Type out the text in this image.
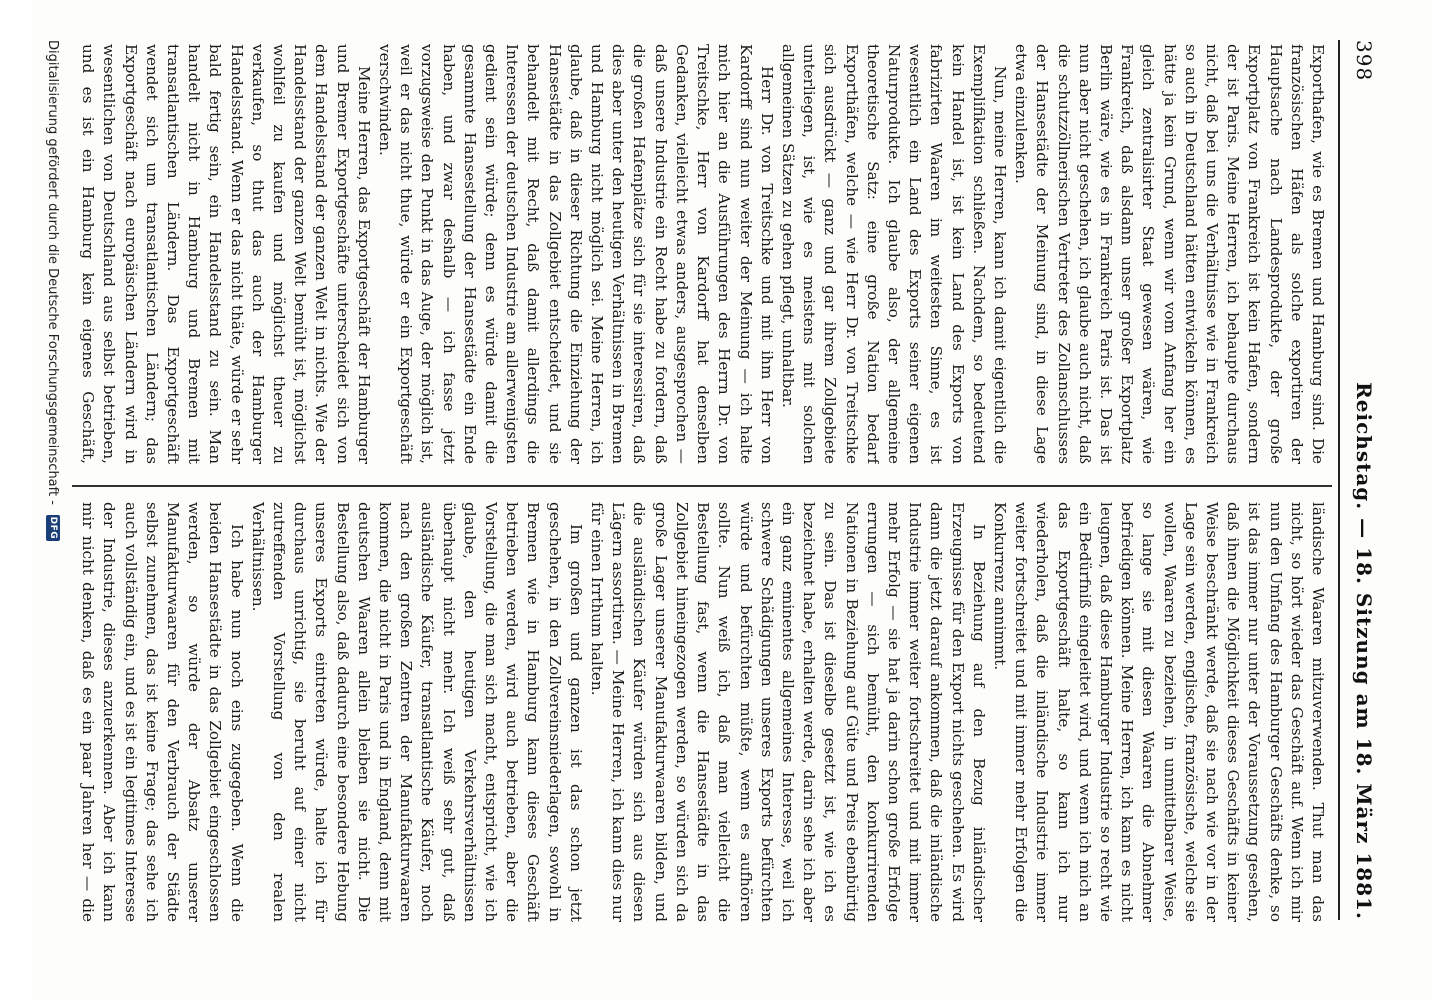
398
Reichstag. — 18. Sitzung am 18. März 1881.

Exporthafen, wie es Bremen und Hamburg sind. Die französischen Häfen als solche exportiren der Hauptsache nach Landesprodukte, der große Exportplatz von Frankreich ist kein Hafen, sondern der ist Paris. Meine Herren, ich behaupte durchaus nicht, daß bei uns die Verhältnisse wie in Frankreich so auch in Deutschland hätten entwickeln können, es hätte ja kein Grund, wenn wir vom Anfang her ein gleich zentralisirter Staat gewesen wären, wie Frankreich, daß alsdann unser großer Exportplatz Berlin wäre, wie es in Frankreich Paris ist. Das ist nun aber nicht geschehen, ich glaube auch nicht, daß die schutzzöllnerischen Vertreter des Zollanschlusses der Hansestädte der Meinung sind, in diese Lage etwa einzulenken.

Nun, meine Herren, kann ich damit eigentlich die Exemplifikation schließen. Nachdem, so bedeutend kein Handel ist, ist kein Land des Exports von fabrizirten Waaren im weitesten Sinne, es ist wesentlich ein Land des Exports seiner eigenen Naturprodukte. Ich glaube also, der allgemeine theoretische Satz: eine große Nation bedarf Exporthäfen, welche — wie Herr Dr. von Treitschke sich ausdrückt — ganz und gar ihrem Zollgebiete unterliegen, ist, wie es meistens mit solchen allgemeinen Sätzen zu gehen pflegt, unhaltbar.

Herr Dr. von Treitschke und mit ihm Herr von Kardorff sind nun weiter der Meinung — ich halte mich hier an die Ausführungen des Herrn Dr. von Treitschke, Herr von Kardorff hat denselben Gedanken, vielleicht etwas anders, ausgesprochen — daß unsere Industrie ein Recht habe zu fordern, daß die großen Hafenplätze sich für sie interessiren, daß dies aber unter den heutigen Verhältnissen in Bremen und Hamburg nicht möglich sei. Meine Herren, ich glaube, daß in dieser Richtung die Einziehung der Hansestädte in das Zollgebiet entscheidet, und sie behandelt mit Recht, daß damit allerdings die Interessen der deutschen Industrie am allerwenigsten gedient sein würde; denn es würde damit die gesammte Hansestellung der Hansestädte ein Ende haben, und zwar deshalb — ich fasse jetzt vorzugsweise den Punkt in das Auge, der möglich ist, weil er das nicht thue, würde er ein Exportgeschäft verschwinden.

Meine Herren, das Exportgeschäft der Hamburger und Bremer Exportgeschäfte unterscheidet sich von dem Handelsstand der ganzen Welt in nichts. Wie der Handelsstand der ganzen Welt bemüht ist, möglichst wohlfeil zu kaufen und möglichst theuer zu verkaufen, so thut das auch der Hamburger Handelsstand. Wenn er das nicht thäte, würde er sehr bald fertig sein, ein Handelsstand zu sein. Man handelt nicht in Hamburg und Bremen mit transatlantischen Ländern. Das Exportgeschäft wendet sich um transatlantischen Ländern; das Exportgeschäft nach europäischen Ländern wird in wesentlichen von Deutschland aus selbst betrieben, und es ist ein Hamburg kein eigenes Geschäft,

ländische Waaren mitzuverwenden. Thut man das nicht, so hört wieder das Geschäft auf. Wenn ich mir nun den Umfang des Hamburger Geschäfts denke, so ist das immer nur unter der Voraussetzung gesehen, daß ihnen die Möglichkeit dieses Geschäfts in keiner Weise beschränkt werde, daß sie nach wie vor in der Lage sein werden, englische, französische, welche sie wollen, Waaren zu beziehen, in unmittelbarer Weise, so lange sie mit diesen Waaren die Abnehmer befriedigen können. Meine Herren, ich kann es nicht leugnen, daß diese Hamburger Industrie so recht wie ein Bedürfniß eingeleitet wird, und wenn ich mich an das Exportgeschäft halte, so kann ich nur wiederholen, daß die inländische Industrie immer weiter fortschreitet und mit immer mehr Erfolgen die Konkurrenz annimmt.

In Beziehung auf den Bezug inländischer Erzeugnisse für den Export nichts geschehen. Es wird dann die jetzt darauf ankommen, daß die inländische Industrie immer weiter fortschreitet und mit immer mehr Erfolg — sie hat ja darin schon große Erfolge errungen — sich bemüht, den konkurrirenden Nationen in Beziehung auf Güte und Preis ebenbürtig zu sein. Das ist dieselbe gesetzt ist, wie ich es bezeichnet habe, erhalten werde, darin sehe ich aber ein ganz eminentes allgemeines Interesse, weil ich schwere Schädigungen unseres Exports befürchten würde und befürchten müßte, wenn es aufhören sollte. Nun weiß ich, daß man vielleicht die Bestellung fast, wenn die Hansestädte in das Zollgebiet hineingezogen werden, so würden sich da große Lager unserer Manufakturwaaren bilden, und die ausländischen Käufer würden sich aus diesen Lägern assortiren. — Meine Herren, ich kann dies nur für einen Irrthum halten.

Im großen und ganzen ist das schon jetzt geschehen, in den Zollvereinsniederlagen, sowohl in Bremen wie in Hamburg kann dieses Geschäft betrieben werden, wird auch betrieben, aber die Vorstellung, die man sich macht, entspricht, wie ich glaube, den heutigen Verkehrsverhältnissen überhaupt nicht mehr. Ich weiß sehr gut, daß ausländische Käufer, transatlantische Käufer, noch nach den großen Zentren der Manufakturwaaren kommen, die nicht in Paris und in England, denn mit deutschen Waaren allein bleiben sie nicht. Die Bestellung also, daß dadurch eine besondere Hebung unseres Exports eintreten würde, halte ich für durchaus unrichtig, sie beruht auf einer nicht zutreffenden Vorstellung von den realen Verhältnissen.

Ich habe nun noch eins zugegeben. Wenn die beiden Hansestädte in das Zollgebiet eingeschlossen werden, so würde der Absatz unserer Manufakturwaaren für den Verbrauch der Städte selbst zunehmen, das ist keine Frage; das sehe ich auch vollständig ein, und es ist ein legitimes Interesse der Industrie, dieses anzuerkennen. Aber ich kann mir nicht denken, daß es ein paar Jahren her — die

Digitalisierung gefördert durch die Deutsche Forschungsgemeinschaft -
DFG
